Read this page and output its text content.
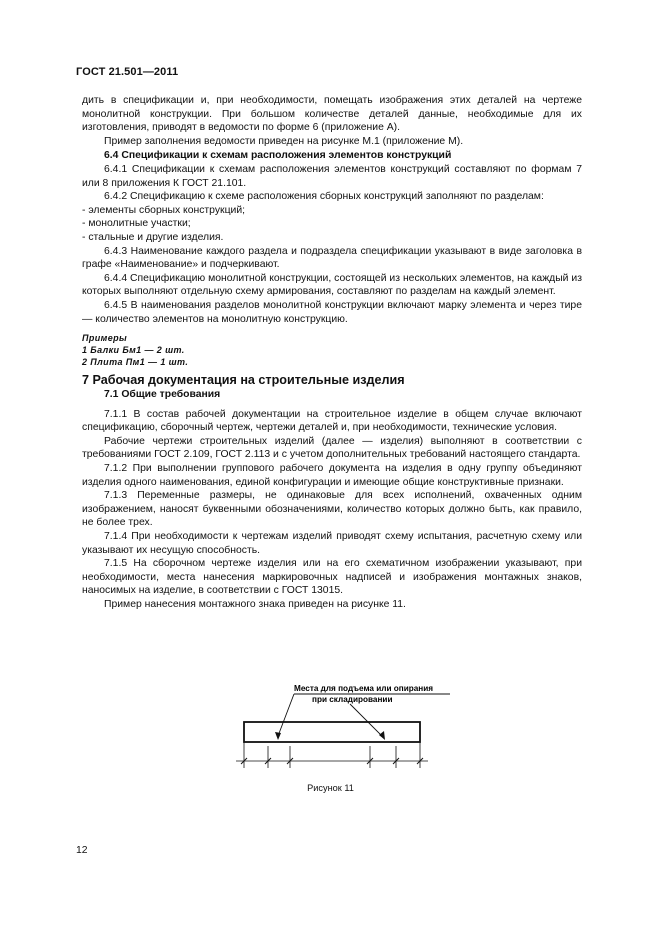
ГОСТ 21.501—2011

дить в спецификации и, при необходимости, помещать изображения этих деталей на чертеже монолитной конструкции. При большом количестве деталей данные, необходимые для их изготовления, приводят в ведомости по форме 6 (приложение А).

Пример заполнения ведомости приведен на рисунке М.1 (приложение М).

6.4 Спецификации к схемам расположения элементов конструкций

6.4.1 Спецификации к схемам расположения элементов конструкций составляют по формам 7 или 8 приложения К ГОСТ 21.101.

6.4.2 Спецификацию к схеме расположения сборных конструкций заполняют по разделам:

- элементы сборных конструкций;

- монолитные участки;

- стальные и другие изделия.

6.4.3 Наименование каждого раздела и подраздела спецификации указывают в виде заголовка в графе «Наименование» и подчеркивают.

6.4.4 Спецификацию монолитной конструкции, состоящей из нескольких элементов, на каждый из которых выполняют отдельную схему армирования, составляют по разделам на каждый элемент.

6.4.5 В наименования разделов монолитной конструкции включают марку элемента и через тире — количество элементов на монолитную конструкцию.

Примеры

1 Балки Бм1 — 2 шт.

2 Плита Пм1 — 1 шт.

7 Рабочая документация на строительные изделия

7.1 Общие требования

7.1.1 В состав рабочей документации на строительное изделие в общем случае включают спецификацию, сборочный чертеж, чертежи деталей и, при необходимости, технические условия.

Рабочие чертежи строительных изделий (далее — изделия) выполняют в соответствии с требованиями ГОСТ 2.109, ГОСТ 2.113 и с учетом дополнительных требований настоящего стандарта.

7.1.2 При выполнении группового рабочего документа на изделия в одну группу объединяют изделия одного наименования, единой конфигурации и имеющие общие конструктивные признаки.

7.1.3 Переменные размеры, не одинаковые для всех исполнений, охваченных одним изображением, наносят буквенными обозначениями, количество которых должно быть, как правило, не более трех.

7.1.4 При необходимости к чертежам изделий приводят схему испытания, расчетную схему или указывают их несущую способность.

7.1.5 На сборочном чертеже изделия или на его схематичном изображении указывают, при необходимости, места нанесения маркировочных надписей и изображения монтажных знаков, наносимых на изделие, в соответствии с ГОСТ 13015.

Пример нанесения монтажного знака приведен на рисунке 11.

Места для подъема или опирания
при складировании
Рисунок 11
12
